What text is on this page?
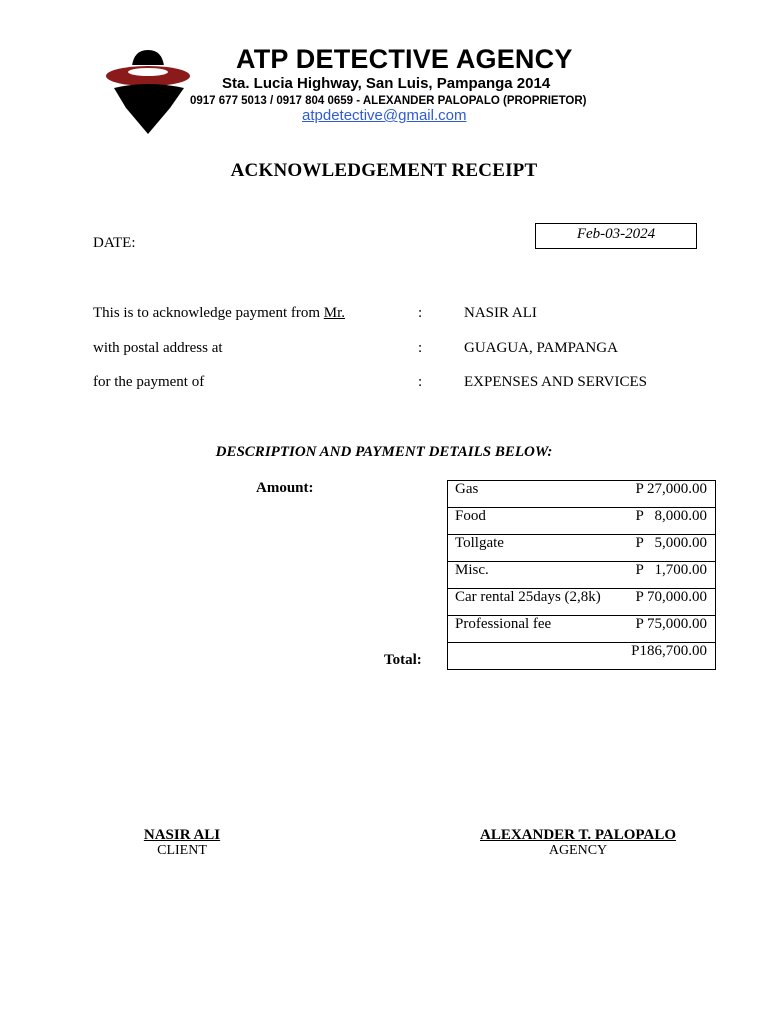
ATP DETECTIVE AGENCY
Sta. Lucia Highway, San Luis, Pampanga 2014
0917 677 5013 / 0917 804 0659 - ALEXANDER PALOPALO (PROPRIETOR)
atpdetective@gmail.com
ACKNOWLEDGEMENT RECEIPT
DATE:
Feb-03-2024
This is to acknowledge payment from Mr.	:	NASIR ALI
with postal address at	:	GUAGUA, PAMPANGA
for the payment of	:	EXPENSES AND SERVICES
DESCRIPTION AND PAYMENT DETAILS BELOW:
Amount:
Total:
Gas	P 27,000.00
Food	P   8,000.00
Tollgate	P   5,000.00
Misc.	P   1,700.00
Car rental 25days (2,8k)	P 70,000.00
Professional fee	P 75,000.00
	P186,700.00
NASIR ALI
CLIENT
ALEXANDER T. PALOPALO
AGENCY
